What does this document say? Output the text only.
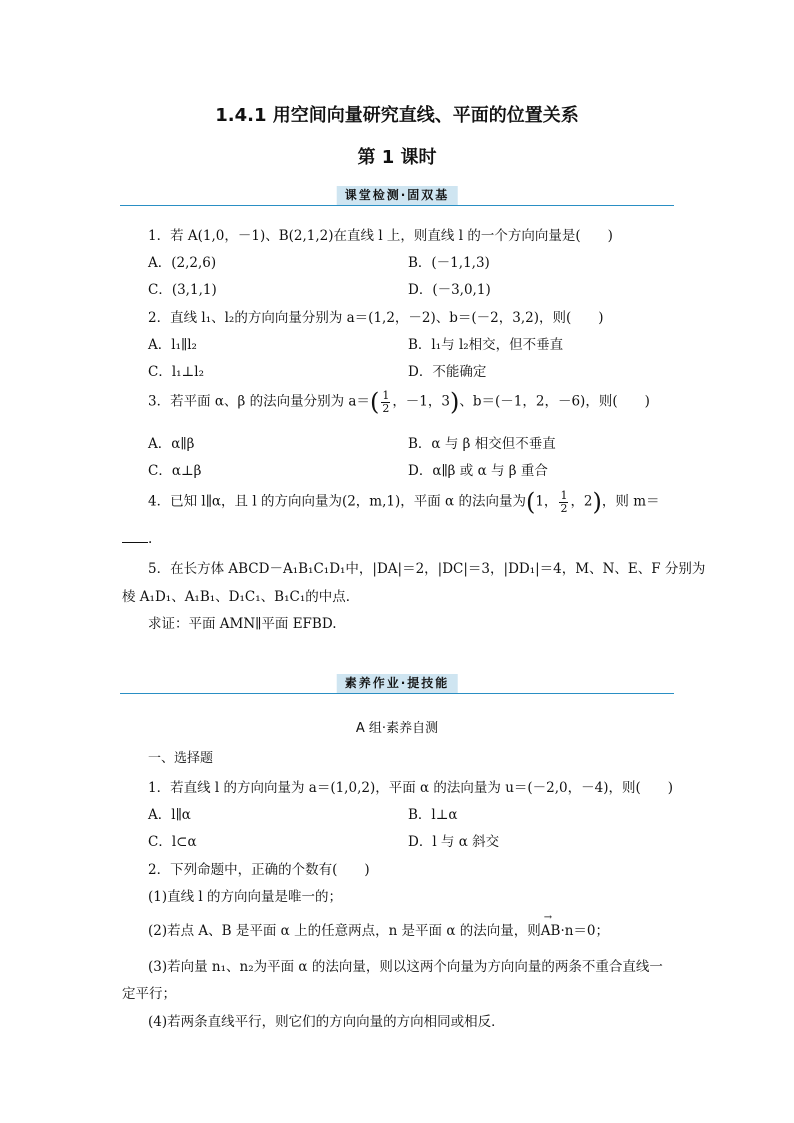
1.4.1 用空间向量研究直线、平面的位置关系
第 1 课时
课堂检测·固双基
1．若 A(1,0，－1)、B(2,1,2)在直线 l 上，则直线 l 的一个方向向量是(　　)
A．(2,2,6)	B．(－1,1,3)
C．(3,1,1)	D．(－3,0,1)
2．直线 l₁、l₂的方向向量分别为 a＝(1,2，－2)、b＝(－2，3,2)，则(　　)
A．l₁∥l₂	B．l₁与 l₂相交，但不垂直
C．l₁⊥l₂	D．不能确定
3．若平面 α、β 的法向量分别为 $a=( \frac{1}{2}$ ，－1，3)、b＝(－1，2，－6)，则(　　)
A．α∥β	B．α 与 β 相交但不垂直
C．α⊥β	D．α∥β 或 α 与 β 重合
4．已知 l∥α，且 l 的方向向量为(2，m,1)，平面 α 的法向量为(1， $\frac{1}{2}$ ，2)，则 m＝
.
5．在长方体 ABCD－A₁B₁C₁D₁中，|DA|＝2，|DC|＝3，|DD₁|＝4，M、N、E、F 分别为
棱 A₁D₁、A₁B₁、D₁C₁、B₁C₁的中点．
求证：平面 AMN∥平面 EFBD.
素养作业·提技能
A 组·素养自测
一、选择题
1．若直线 l 的方向向量为 a＝(1,0,2)，平面 α 的法向量为 u＝(－2,0，－4)，则(　　)
A．l∥α	B．l⊥α
C．l⊂α	D．l 与 α 斜交
2．下列命题中，正确的个数有(　　)
(1)直线 l 的方向向量是唯一的；
(2)若点 A、B 是平面 α 上的任意两点，n 是平面 α 的法向量，则→ AB·n＝0；
(3)若向量 n₁、n₂为平面 α 的法向量，则以这两个向量为方向向量的两条不重合直线一
定平行；
(4)若两条直线平行，则它们的方向向量的方向相同或相反．
